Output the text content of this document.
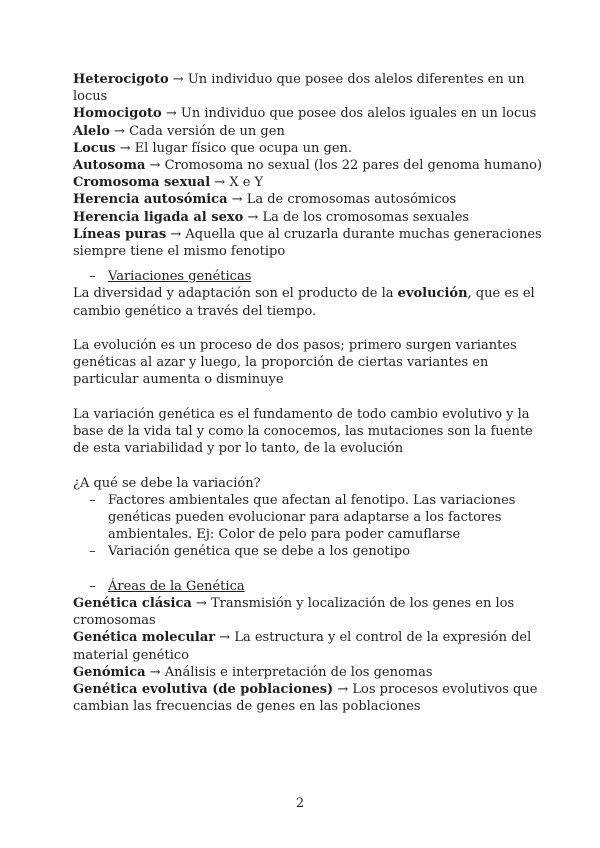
Heterocigoto → Un individuo que posee dos alelos diferentes en un locus

Homocigoto → Un individuo que posee dos alelos iguales en un locus

Alelo → Cada versión de un gen

Locus → El lugar físico que ocupa un gen.

Autosoma → Cromosoma no sexual (los 22 pares del genoma humano)

Cromosoma sexual → X e Y

Herencia autosómica → La de cromosomas autosómicos

Herencia ligada al sexo → La de los cromosomas sexuales

Líneas puras → Aquella que al cruzarla durante muchas generaciones siempre tiene el mismo fenotipo

– Variaciones genéticas

La diversidad y adaptación son el producto de la evolución, que es el cambio genético a través del tiempo.

La evolución es un proceso de dos pasos; primero surgen variantes genéticas al azar y luego, la proporción de ciertas variantes en particular aumenta o disminuye

La variación genética es el fundamento de todo cambio evolutivo y la base de la vida tal y como la conocemos, las mutaciones son la fuente de esta variabilidad y por lo tanto, de la evolución

¿A qué se debe la variación?

– Factores ambientales que afectan al fenotipo. Las variaciones genéticas pueden evolucionar para adaptarse a los factores ambientales. Ej: Color de pelo para poder camuflarse

– Variación genética que se debe a los genotipo

– Áreas de la Genética

Genética clásica → Transmisión y localización de los genes en los cromosomas

Genética molecular → La estructura y el control de la expresión del material genético

Genómica → Análisis e interpretación de los genomas

Genética evolutiva (de poblaciones) → Los procesos evolutivos que cambian las frecuencias de genes en las poblaciones

2
